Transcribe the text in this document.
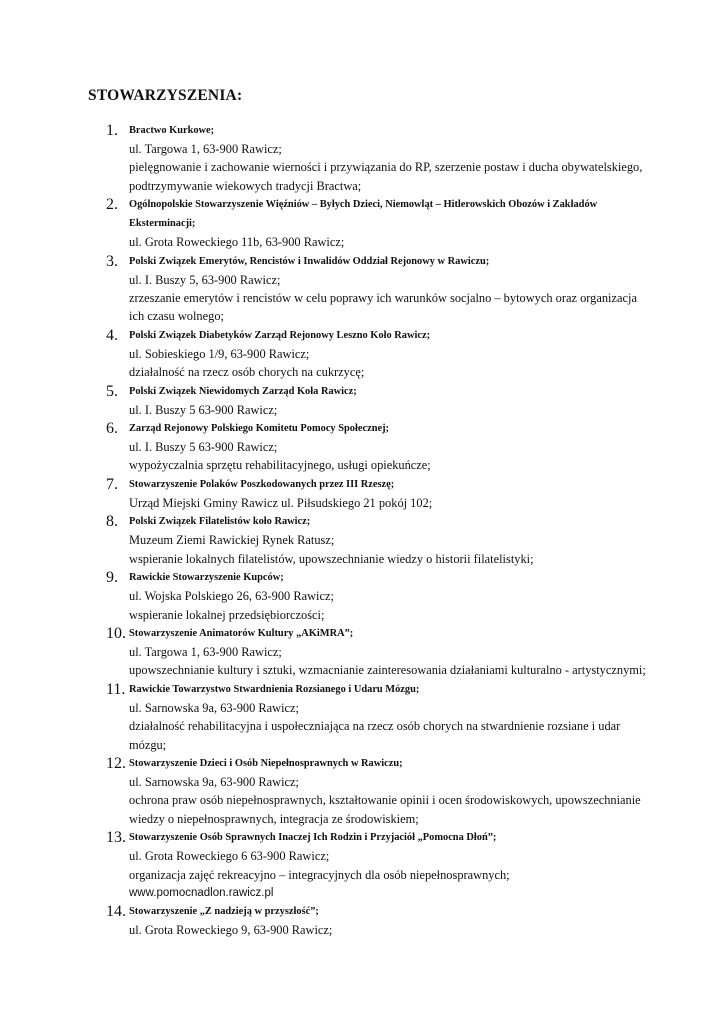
STOWARZYSZENIA:
1.	Bractwo Kurkowe;
ul. Targowa 1, 63-900 Rawicz;
pielęgnowanie i zachowanie wierności i przywiązania do RP, szerzenie postaw i ducha obywatelskiego,
podtrzymywanie wiekowych tradycji Bractwa;
2.	Ogólnopolskie Stowarzyszenie Więźniów – Byłych Dzieci, Niemowląt – Hitlerowskich Obozów i Zakładów
Eksterminacji;
ul. Grota Roweckiego 11b, 63-900 Rawicz;
3.	Polski Związek Emerytów, Rencistów i Inwalidów Oddział Rejonowy w Rawiczu;
ul. I. Buszy 5, 63-900 Rawicz;
zrzeszanie emerytów i rencistów w celu poprawy ich warunków socjalno – bytowych oraz organizacja
ich czasu wolnego;
4.	Polski Związek Diabetyków Zarząd Rejonowy Leszno Koło Rawicz;
ul. Sobieskiego 1/9, 63-900 Rawicz;
działalność na rzecz osób chorych na cukrzycę;
5.	Polski Związek Niewidomych Zarząd Koła Rawicz;
ul. I. Buszy 5 63-900 Rawicz;
6.	Zarząd Rejonowy Polskiego Komitetu Pomocy Społecznej;
ul. I. Buszy 5 63-900 Rawicz;
wypożyczalnia sprzętu rehabilitacyjnego, usługi opiekuńcze;
7.	Stowarzyszenie Polaków Poszkodowanych przez III Rzeszę;
Urząd Miejski Gminy Rawicz ul. Piłsudskiego 21 pokój 102;
8.	Polski Związek Filatelistów koło Rawicz;
Muzeum Ziemi Rawickiej Rynek Ratusz;
wspieranie lokalnych filatelistów, upowszechnianie wiedzy o historii filatelistyki;
9.	Rawickie Stowarzyszenie Kupców;
ul. Wojska Polskiego 26, 63-900 Rawicz;
wspieranie lokalnej przedsiębiorczości;
10. Stowarzyszenie Animatorów Kultury „AKiMRA”;
ul. Targowa 1, 63-900 Rawicz;
upowszechnianie kultury i sztuki, wzmacnianie zainteresowania działaniami kulturalno - artystycznymi;
11. Rawickie Towarzystwo Stwardnienia Rozsianego i Udaru Mózgu;
ul. Sarnowska 9a, 63-900 Rawicz;
działalność rehabilitacyjna i uspołeczniająca na rzecz osób chorych na stwardnienie rozsiane i udar
mózgu;
12. Stowarzyszenie Dzieci i Osób Niepełnosprawnych w Rawiczu;
ul. Sarnowska 9a, 63-900 Rawicz;
ochrona praw osób niepełnosprawnych, kształtowanie opinii i ocen środowiskowych, upowszechnianie
wiedzy o niepełnosprawnych, integracja ze środowiskiem;
13. Stowarzyszenie Osób Sprawnych Inaczej Ich Rodzin i Przyjaciół „Pomocna Dłoń”;
ul. Grota Roweckiego 6 63-900 Rawicz;
organizacja zajęć rekreacyjno – integracyjnych dla osób niepełnosprawnych;
www.pomocnadlon.rawicz.pl
14. Stowarzyszenie „Z nadzieją w przyszłość”;
ul. Grota Roweckiego 9, 63-900 Rawicz;
